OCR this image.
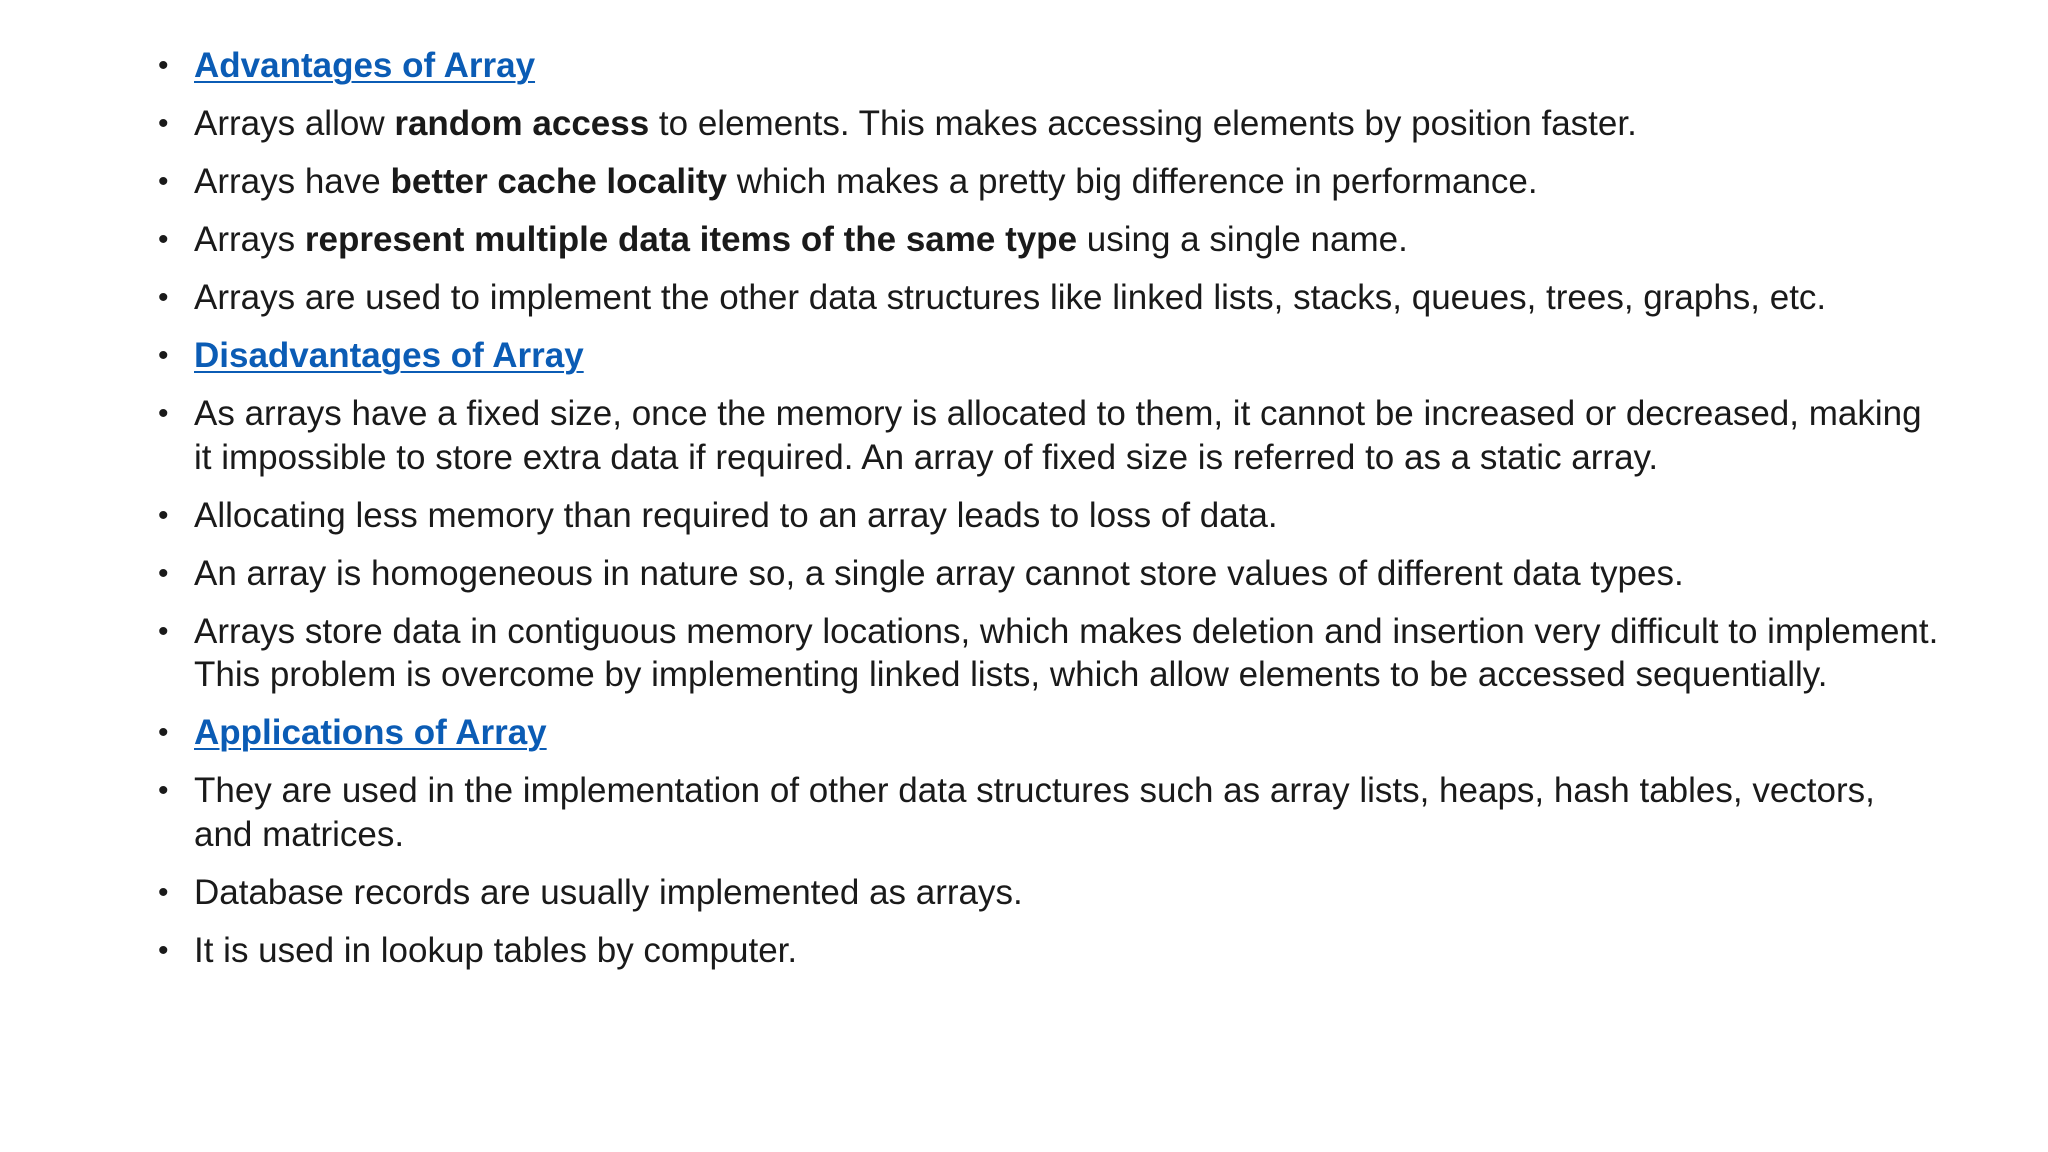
• Advantages of Array
• Arrays allow random access to elements. This makes accessing elements by position faster.
• Arrays have better cache locality which makes a pretty big difference in performance.
• Arrays represent multiple data items of the same type using a single name.
• Arrays are used to implement the other data structures like linked lists, stacks, queues, trees, graphs, etc.
• Disadvantages of Array
• As arrays have a fixed size, once the memory is allocated to them, it cannot be increased or decreased, making it impossible to store extra data if required. An array of fixed size is referred to as a static array.
• Allocating less memory than required to an array leads to loss of data.
• An array is homogeneous in nature so, a single array cannot store values of different data types.
• Arrays store data in contiguous memory locations, which makes deletion and insertion very difficult to implement. This problem is overcome by implementing linked lists, which allow elements to be accessed sequentially.
• Applications of Array
• They are used in the implementation of other data structures such as array lists, heaps, hash tables, vectors, and matrices.
• Database records are usually implemented as arrays.
• It is used in lookup tables by computer.
